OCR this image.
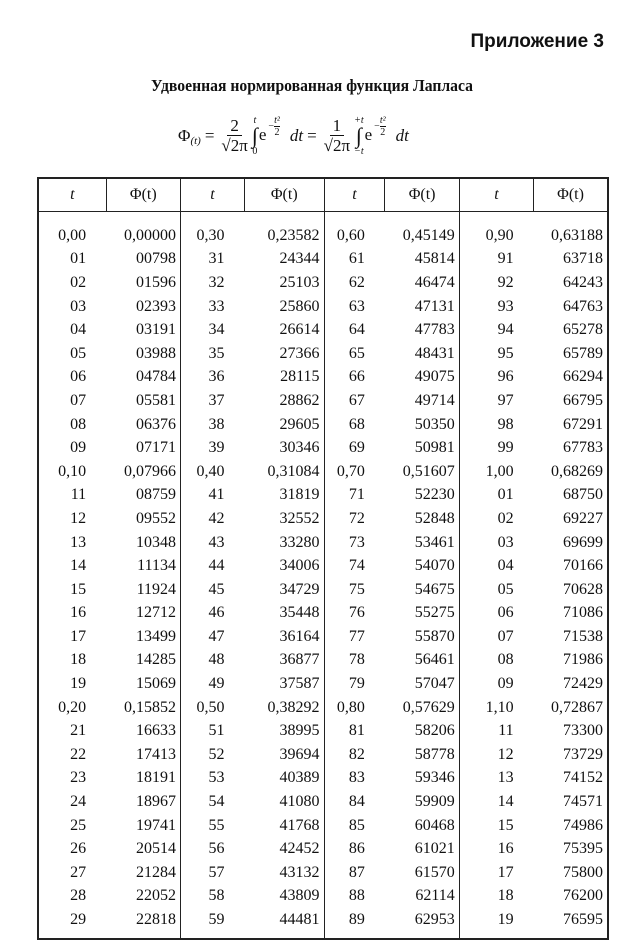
Приложение 3
Удвоенная нормированная функция Лапласа
Φ $(t) = \frac{2}{√2\pi}$ t
∫
0
e $^{- \frac{\text{t²}}{2}}$ dt = $\frac{1}{√2\pi} +t$
∫
−t
e $^{- \frac{\text{t²}}{2}}$ dt
t	Φ(t)	t	Φ(t)	t	Φ(t)	t	Φ(t)
0,00	0,00000	0,30	0,23582	0,60	0,45149	0,90	0,63188
01	00798	31	24344	61	45814	91	63718
02	01596	32	25103	62	46474	92	64243
03	02393	33	25860	63	47131	93	64763
04	03191	34	26614	64	47783	94	65278
05	03988	35	27366	65	48431	95	65789
06	04784	36	28115	66	49075	96	66294
07	05581	37	28862	67	49714	97	66795
08	06376	38	29605	68	50350	98	67291
09	07171	39	30346	69	50981	99	67783
0,10	0,07966	0,40	0,31084	0,70	0,51607	1,00	0,68269
11	08759	41	31819	71	52230	01	68750
12	09552	42	32552	72	52848	02	69227
13	10348	43	33280	73	53461	03	69699
14	11134	44	34006	74	54070	04	70166
15	11924	45	34729	75	54675	05	70628
16	12712	46	35448	76	55275	06	71086
17	13499	47	36164	77	55870	07	71538
18	14285	48	36877	78	56461	08	71986
19	15069	49	37587	79	57047	09	72429
0,20	0,15852	0,50	0,38292	0,80	0,57629	1,10	0,72867
21	16633	51	38995	81	58206	11	73300
22	17413	52	39694	82	58778	12	73729
23	18191	53	40389	83	59346	13	74152
24	18967	54	41080	84	59909	14	74571
25	19741	55	41768	85	60468	15	74986
26	20514	56	42452	86	61021	16	75395
27	21284	57	43132	87	61570	17	75800
28	22052	58	43809	88	62114	18	76200
29	22818	59	44481	89	62953	19	76595
